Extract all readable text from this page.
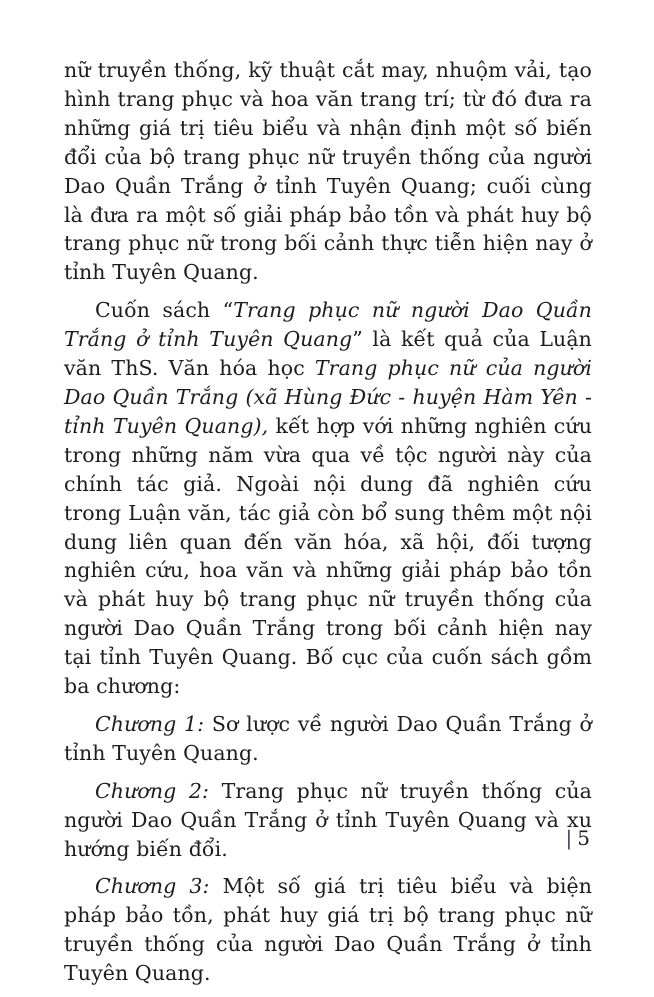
nữ truyền thống, kỹ thuật cắt may, nhuộm vải, tạo hình trang phục và hoa văn trang trí; từ đó đưa ra những giá trị tiêu biểu và nhận định một số biến đổi của bộ trang phục nữ truyền thống của người Dao Quần Trắng ở tỉnh Tuyên Quang; cuối cùng là đưa ra một số giải pháp bảo tồn và phát huy bộ trang phục nữ trong bối cảnh thực tiễn hiện nay ở tỉnh Tuyên Quang.

Cuốn sách “Trang phục nữ người Dao Quần Trắng ở tỉnh Tuyên Quang” là kết quả của Luận văn ThS. Văn hóa học Trang phục nữ của người Dao Quần Trắng (xã Hùng Đức - huyện Hàm Yên - tỉnh Tuyên Quang), kết hợp với những nghiên cứu trong những năm vừa qua về tộc người này của chính tác giả. Ngoài nội dung đã nghiên cứu trong Luận văn, tác giả còn bổ sung thêm một nội dung liên quan đến văn hóa, xã hội, đối tượng nghiên cứu, hoa văn và những giải pháp bảo tồn và phát huy bộ trang phục nữ truyền thống của người Dao Quần Trắng trong bối cảnh hiện nay tại tỉnh Tuyên Quang. Bố cục của cuốn sách gồm ba chương:

Chương 1: Sơ lược về người Dao Quần Trắng ở tỉnh Tuyên Quang.

Chương 2: Trang phục nữ truyền thống của người Dao Quần Trắng ở tỉnh Tuyên Quang và xu hướng biến đổi.

Chương 3: Một số giá trị tiêu biểu và biện pháp bảo tồn, phát huy giá trị bộ trang phục nữ truyền thống của người Dao Quần Trắng ở tỉnh Tuyên Quang.

| 5
